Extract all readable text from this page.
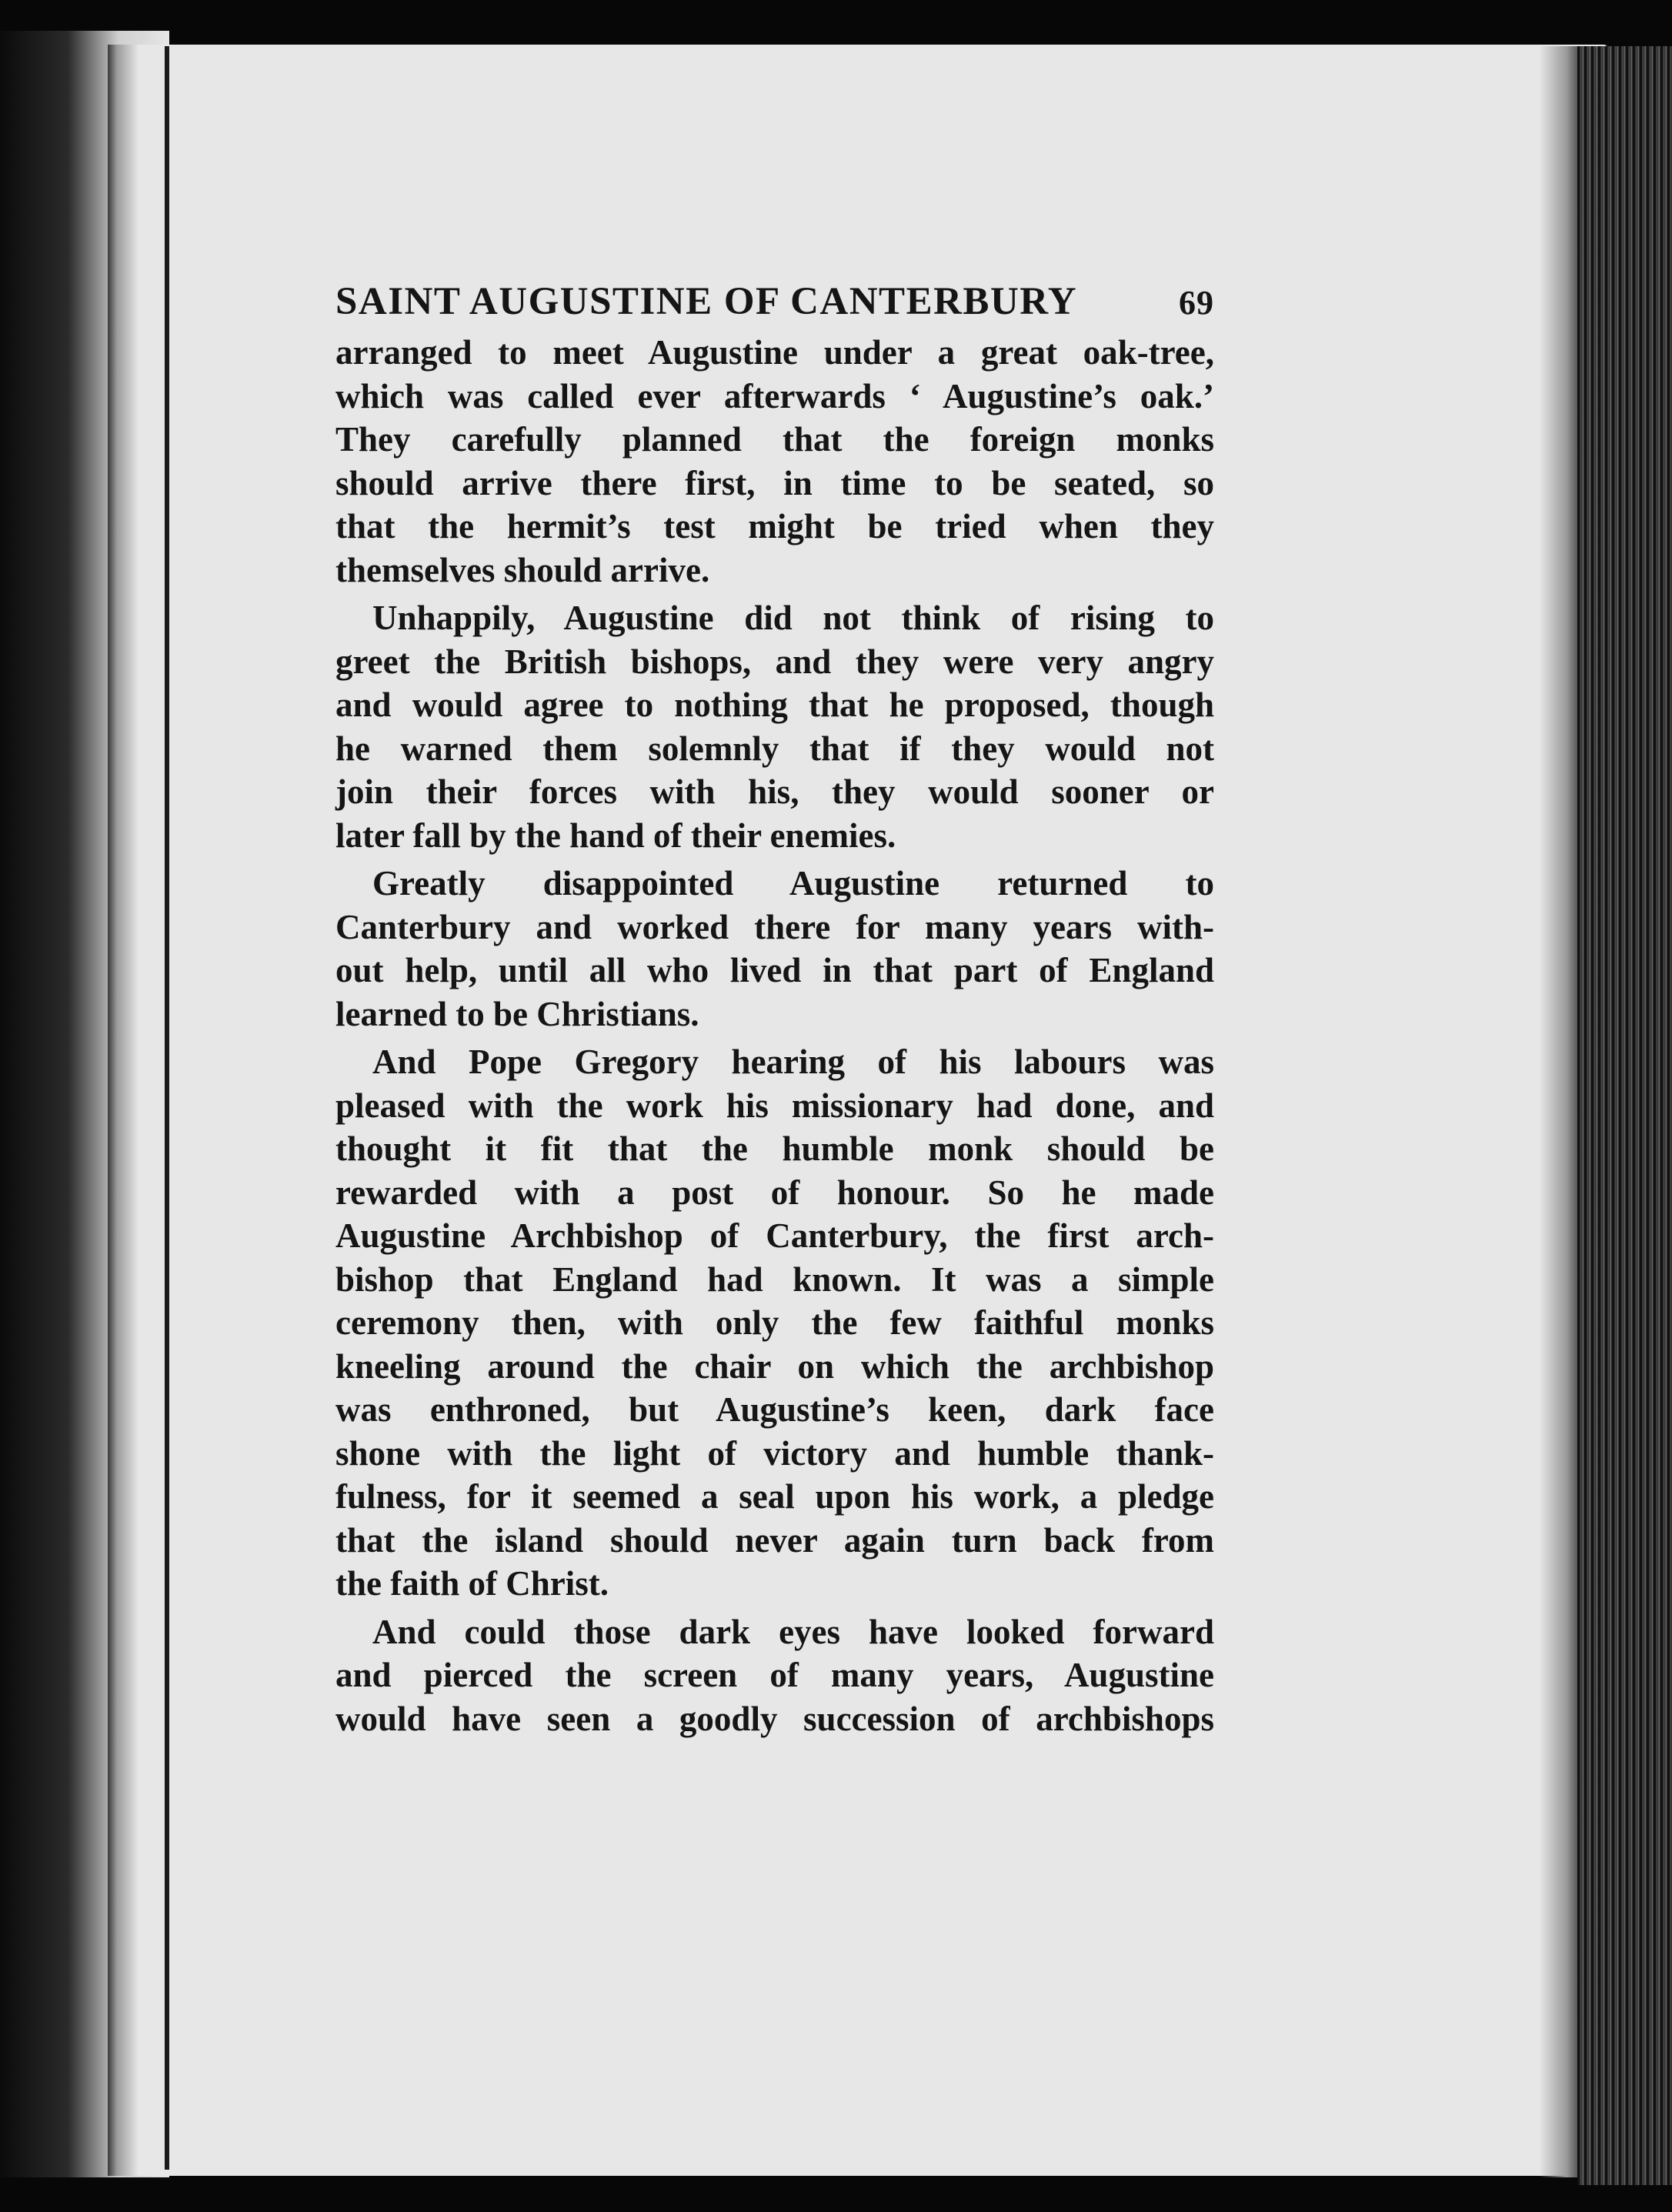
SAINT AUGUSTINE OF CANTERBURY	69
arranged to meet Augustine under a great oak-tree,
which was called ever afterwards ‘ Augustine’s oak.’
They carefully planned that the foreign monks
should arrive there first, in time to be seated, so
that the hermit’s test might be tried when they
themselves should arrive.
Unhappily, Augustine did not think of rising to
greet the British bishops, and they were very angry
and would agree to nothing that he proposed, though
he warned them solemnly that if they would not
join their forces with his, they would sooner or
later fall by the hand of their enemies.
Greatly disappointed Augustine returned to
Canterbury and worked there for many years with-
out help, until all who lived in that part of England
learned to be Christians.
And Pope Gregory hearing of his labours was
pleased with the work his missionary had done, and
thought it fit that the humble monk should be
rewarded with a post of honour. So he made
Augustine Archbishop of Canterbury, the first arch-
bishop that England had known. It was a simple
ceremony then, with only the few faithful monks
kneeling around the chair on which the archbishop
was enthroned, but Augustine’s keen, dark face
shone with the light of victory and humble thank-
fulness, for it seemed a seal upon his work, a pledge
that the island should never again turn back from
the faith of Christ.
And could those dark eyes have looked forward
and pierced the screen of many years, Augustine
would have seen a goodly succession of archbishops
